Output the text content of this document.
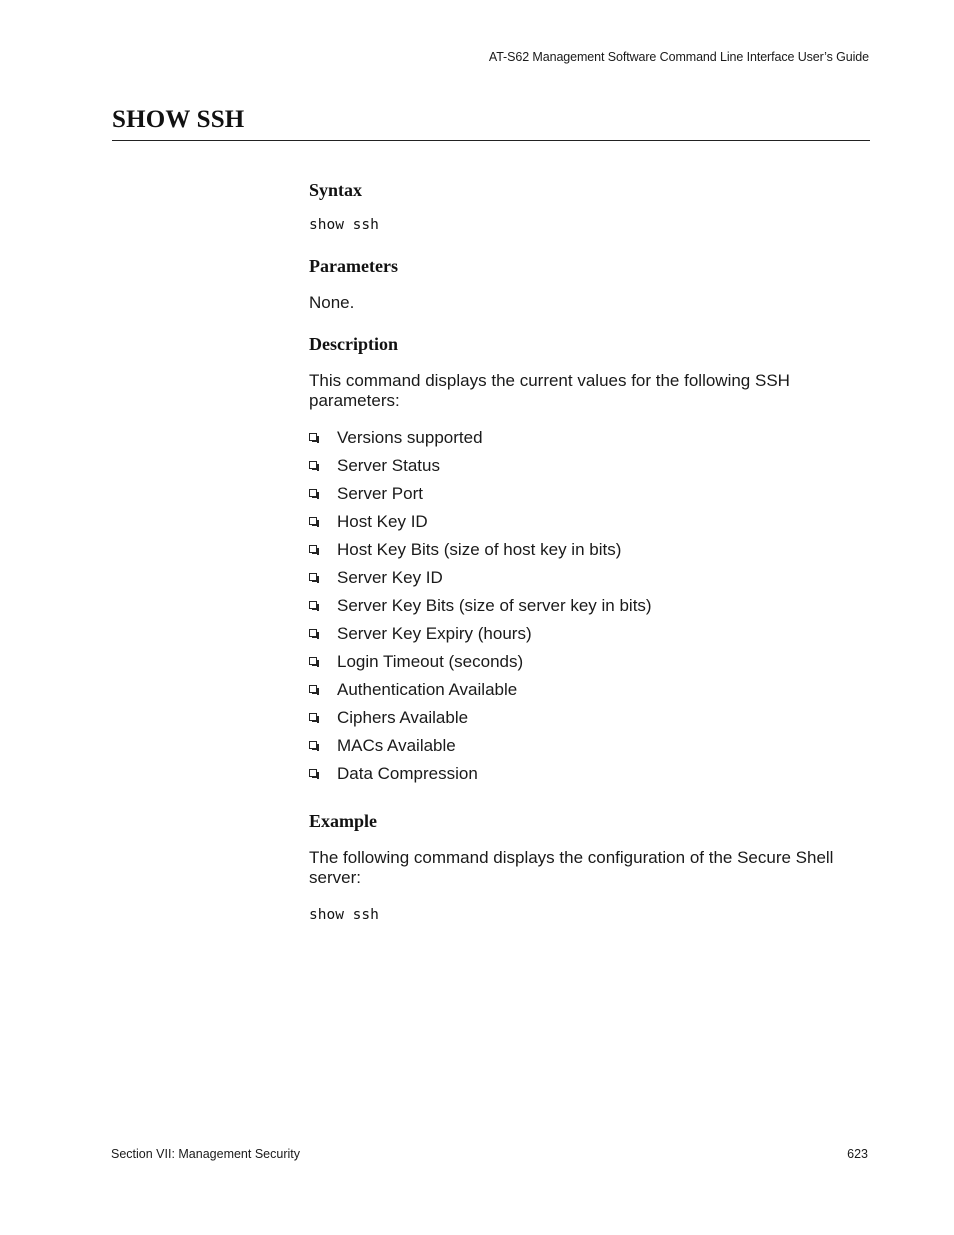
AT-S62 Management Software Command Line Interface User’s Guide
SHOW SSH
Syntax

show ssh

Parameters

None.

Description

This command displays the current values for the following SSH parameters:

Versions supported
Server Status
Server Port
Host Key ID
Host Key Bits (size of host key in bits)
Server Key ID
Server Key Bits (size of server key in bits)
Server Key Expiry (hours)
Login Timeout (seconds)
Authentication Available
Ciphers Available
MACs Available
Data Compression
Example

The following command displays the configuration of the Secure Shell server:

show ssh

Section VII: Management Security	623
